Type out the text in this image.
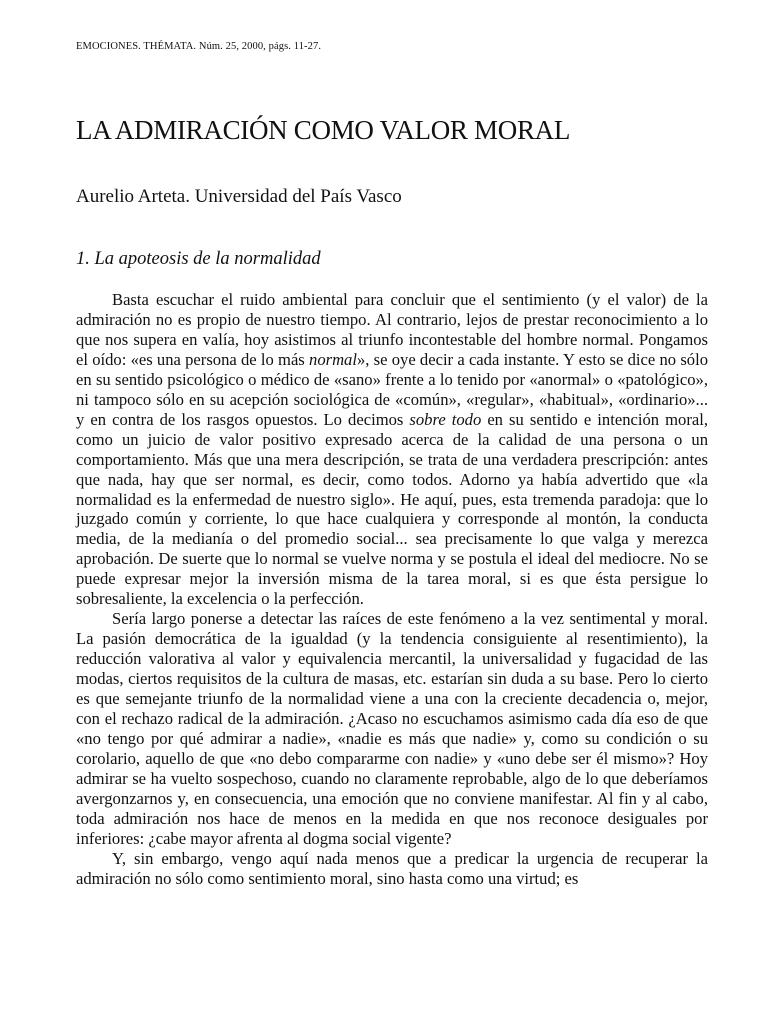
EMOCIONES. THÉMATA. Núm. 25, 2000, págs. 11-27.
LA ADMIRACIÓN COMO VALOR MORAL
Aurelio Arteta. Universidad del País Vasco
1. La apoteosis de la normalidad

Basta escuchar el ruido ambiental para concluir que el sentimiento (y el valor) de la admiración no es propio de nuestro tiempo. Al contrario, lejos de prestar reconocimiento a lo que nos supera en valía, hoy asistimos al triunfo incontestable del hombre normal. Pongamos el oído: «es una persona de lo más normal», se oye decir a cada instante. Y esto se dice no sólo en su sentido psicológico o médico de «sano» frente a lo tenido por «anormal» o «patológico», ni tampoco sólo en su acepción sociológica de «común», «regular», «habitual», «ordinario»... y en contra de los rasgos opuestos. Lo decimos sobre todo en su sentido e intención moral, como un juicio de valor positivo expresado acerca de la calidad de una persona o un comportamiento. Más que una mera descripción, se trata de una verdadera prescripción: antes que nada, hay que ser normal, es decir, como todos. Adorno ya había advertido que «la normalidad es la enfermedad de nuestro siglo». He aquí, pues, esta tremenda paradoja: que lo juzgado común y corriente, lo que hace cualquiera y corresponde al montón, la conducta media, de la medianía o del promedio social... sea precisamente lo que valga y merezca aprobación. De suerte que lo normal se vuelve norma y se postula el ideal del mediocre. No se puede expresar mejor la inversión misma de la tarea moral, si es que ésta persigue lo sobresaliente, la excelencia o la perfección.

Sería largo ponerse a detectar las raíces de este fenómeno a la vez sentimental y moral. La pasión democrática de la igualdad (y la tendencia consiguiente al resentimiento), la reducción valorativa al valor y equivalencia mercantil, la universalidad y fugacidad de las modas, ciertos requisitos de la cultura de masas, etc. estarían sin duda a su base. Pero lo cierto es que semejante triunfo de la normalidad viene a una con la creciente decadencia o, mejor, con el rechazo radical de la admiración. ¿Acaso no escuchamos asimismo cada día eso de que «no tengo por qué admirar a nadie», «nadie es más que nadie» y, como su condición o su corolario, aquello de que «no debo compararme con nadie» y «uno debe ser él mismo»? Hoy admirar se ha vuelto sospechoso, cuando no claramente reprobable, algo de lo que deberíamos avergonzarnos y, en consecuencia, una emoción que no conviene manifestar. Al fin y al cabo, toda admiración nos hace de menos en la medida en que nos reconoce desiguales por inferiores: ¿cabe mayor afrenta al dogma social vigente?

Y, sin embargo, vengo aquí nada menos que a predicar la urgencia de recuperar la admiración no sólo como sentimiento moral, sino hasta como una virtud; es
